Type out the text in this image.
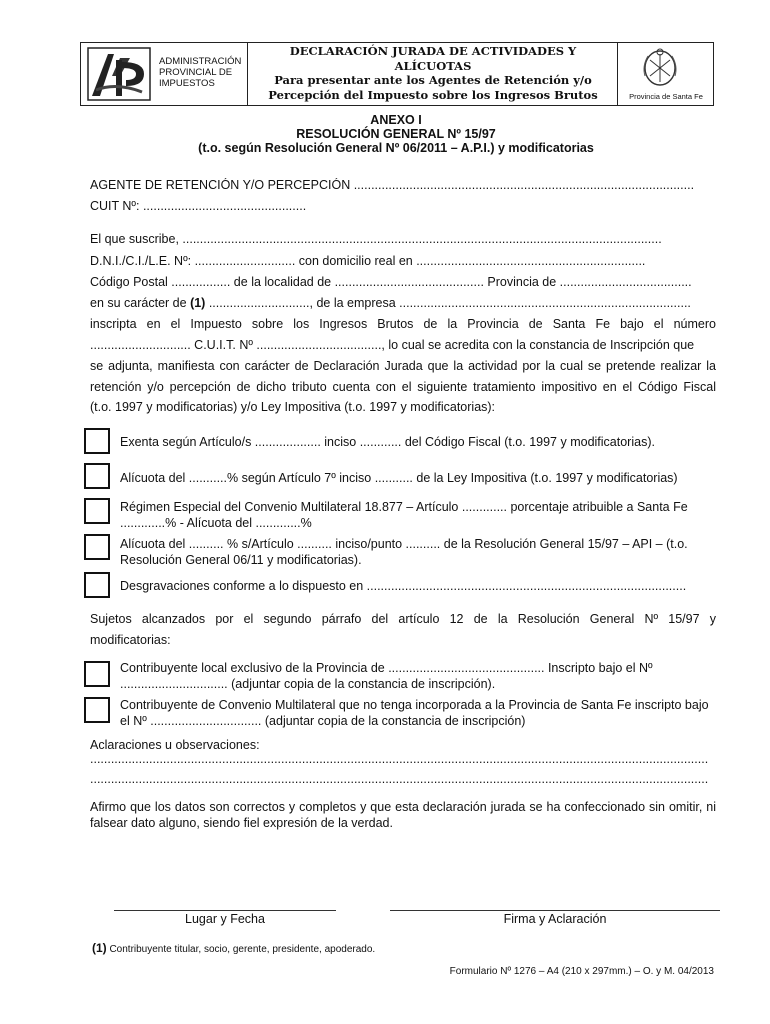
ADMINISTRACIÓN
PROVINCIAL DE
IMPUESTOS
DECLARACIÓN JURADA DE ACTIVIDADES Y
ALÍCUOTAS
Para presentar ante los Agentes de Retención y/o
Percepción del Impuesto sobre los Ingresos Brutos	Provincia de Santa Fe
ANEXO I
RESOLUCIÓN GENERAL Nº 15/97
(t.o. según Resolución General Nº 06/2011 – A.P.I.) y modificatorias
AGENTE DE RETENCIÓN Y/O PERCEPCIÓN ..................................................................................................
CUIT Nº: ...............................................
El que suscribe, ..........................................................................................................................................
D.N.I./C.I./L.E. Nº: ............................. con domicilio real en ..................................................................
Código Postal ................. de la localidad de ........................................... Provincia de ......................................
en su carácter de (1) ............................., de la empresa ....................................................................................
inscripta en el Impuesto sobre los Ingresos Brutos de la Provincia de Santa Fe bajo el número
............................. C.U.I.T. Nº ...................................., lo cual se acredita con la constancia de Inscripción que
se adjunta, manifiesta con carácter de Declaración Jurada que la actividad por la cual se pretende realizar la
retención y/o percepción de dicho tributo cuenta con el siguiente tratamiento impositivo en el Código Fiscal
(t.o. 1997 y modificatorias) y/o Ley Impositiva (t.o. 1997 y modificatorias):
Exenta según Artículo/s ................... inciso ............ del Código Fiscal (t.o. 1997 y modificatorias).
Alícuota del ...........% según Artículo 7º inciso ........... de la Ley Impositiva (t.o. 1997 y modificatorias)
Régimen Especial del Convenio Multilateral 18.877 – Artículo ............. porcentaje atribuible a Santa Fe .............% - Alícuota del .............%
Alícuota del .......... % s/Artículo .......... inciso/punto .......... de la Resolución General 15/97 – API – (t.o. Resolución General 06/11 y modificatorias).
Desgravaciones conforme a lo dispuesto en ............................................................................................
Sujetos alcanzados por el segundo párrafo del artículo 12 de la Resolución General Nº 15/97 y
modificatorias:
Contribuyente local exclusivo de la Provincia de ............................................. Inscripto bajo el Nº ............................... (adjuntar copia de la constancia de inscripción).
Contribuyente de Convenio Multilateral que no tenga incorporada a la Provincia de Santa Fe inscripto bajo el Nº ................................ (adjuntar copia de la constancia de inscripción)
Aclaraciones u observaciones:
..................................................................................................................................................................................
..................................................................................................................................................................................
Afirmo que los datos son correctos y completos y que esta declaración jurada se ha confeccionado sin omitir, ni falsear dato alguno, siendo fiel expresión de la verdad.
Lugar y Fecha	Firma y Aclaración
(1) Contribuyente titular, socio, gerente, presidente, apoderado.
Formulario Nº 1276 – A4 (210 x 297mm.) – O. y M. 04/2013
